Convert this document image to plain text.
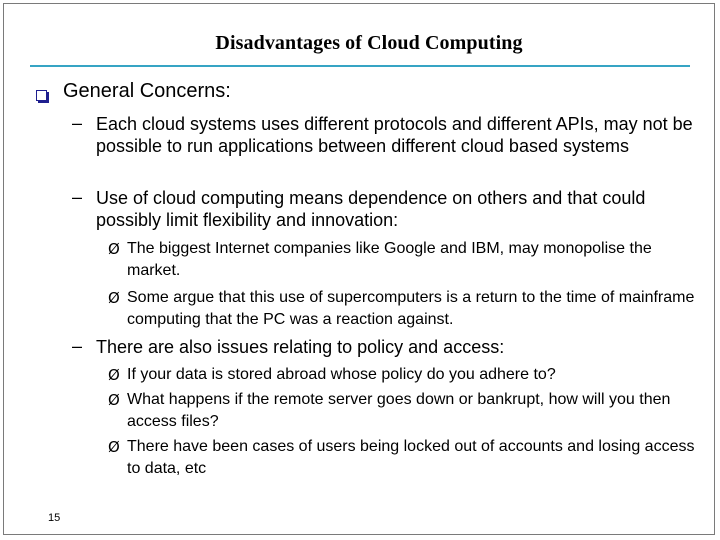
Disadvantages of Cloud Computing
General Concerns:
– Each cloud systems uses different protocols and different APIs, may not be possible to run applications between different cloud based systems
– Use of cloud computing means dependence on others and that could possibly limit flexibility and innovation:
Ø The biggest Internet companies like Google and IBM, may monopolise the market.
Ø Some argue that this use of supercomputers is a return to the time of mainframe computing that the PC was a reaction against.
– There are also issues relating to policy and access:
Ø If your data is stored abroad whose policy do you adhere to?
Ø What happens if the remote server goes down or bankrupt, how will you then access files?
Ø There have been cases of users being locked out of accounts and losing access to data, etc
15
